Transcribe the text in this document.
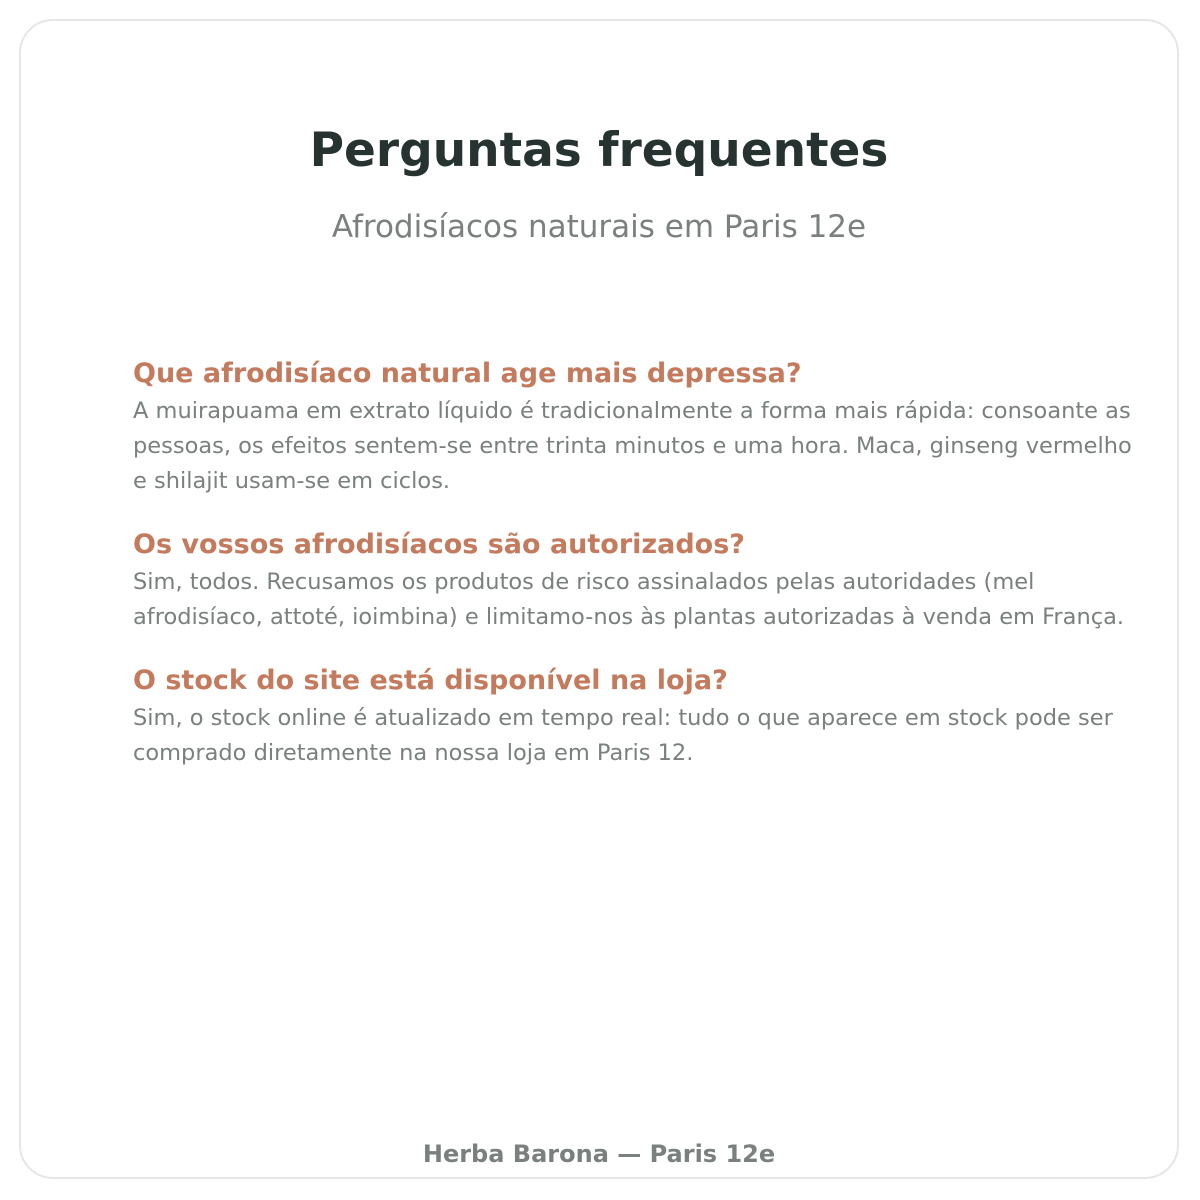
Perguntas frequentes

Afrodisíacos naturais em Paris 12e

Que afrodisíaco natural age mais depressa?

A muirapuama em extrato líquido é tradicionalmente a forma mais rápida: consoante as pessoas, os efeitos sentem-se entre trinta minutos e uma hora. Maca, ginseng vermelho e shilajit usam-se em ciclos.

Os vossos afrodisíacos são autorizados?

Sim, todos. Recusamos os produtos de risco assinalados pelas autoridades (mel afrodisíaco, attoté, ioimbina) e limitamo-nos às plantas autorizadas à venda em França.

O stock do site está disponível na loja?

Sim, o stock online é atualizado em tempo real: tudo o que aparece em stock pode ser comprado diretamente na nossa loja em Paris 12.

Herba Barona — Paris 12e
